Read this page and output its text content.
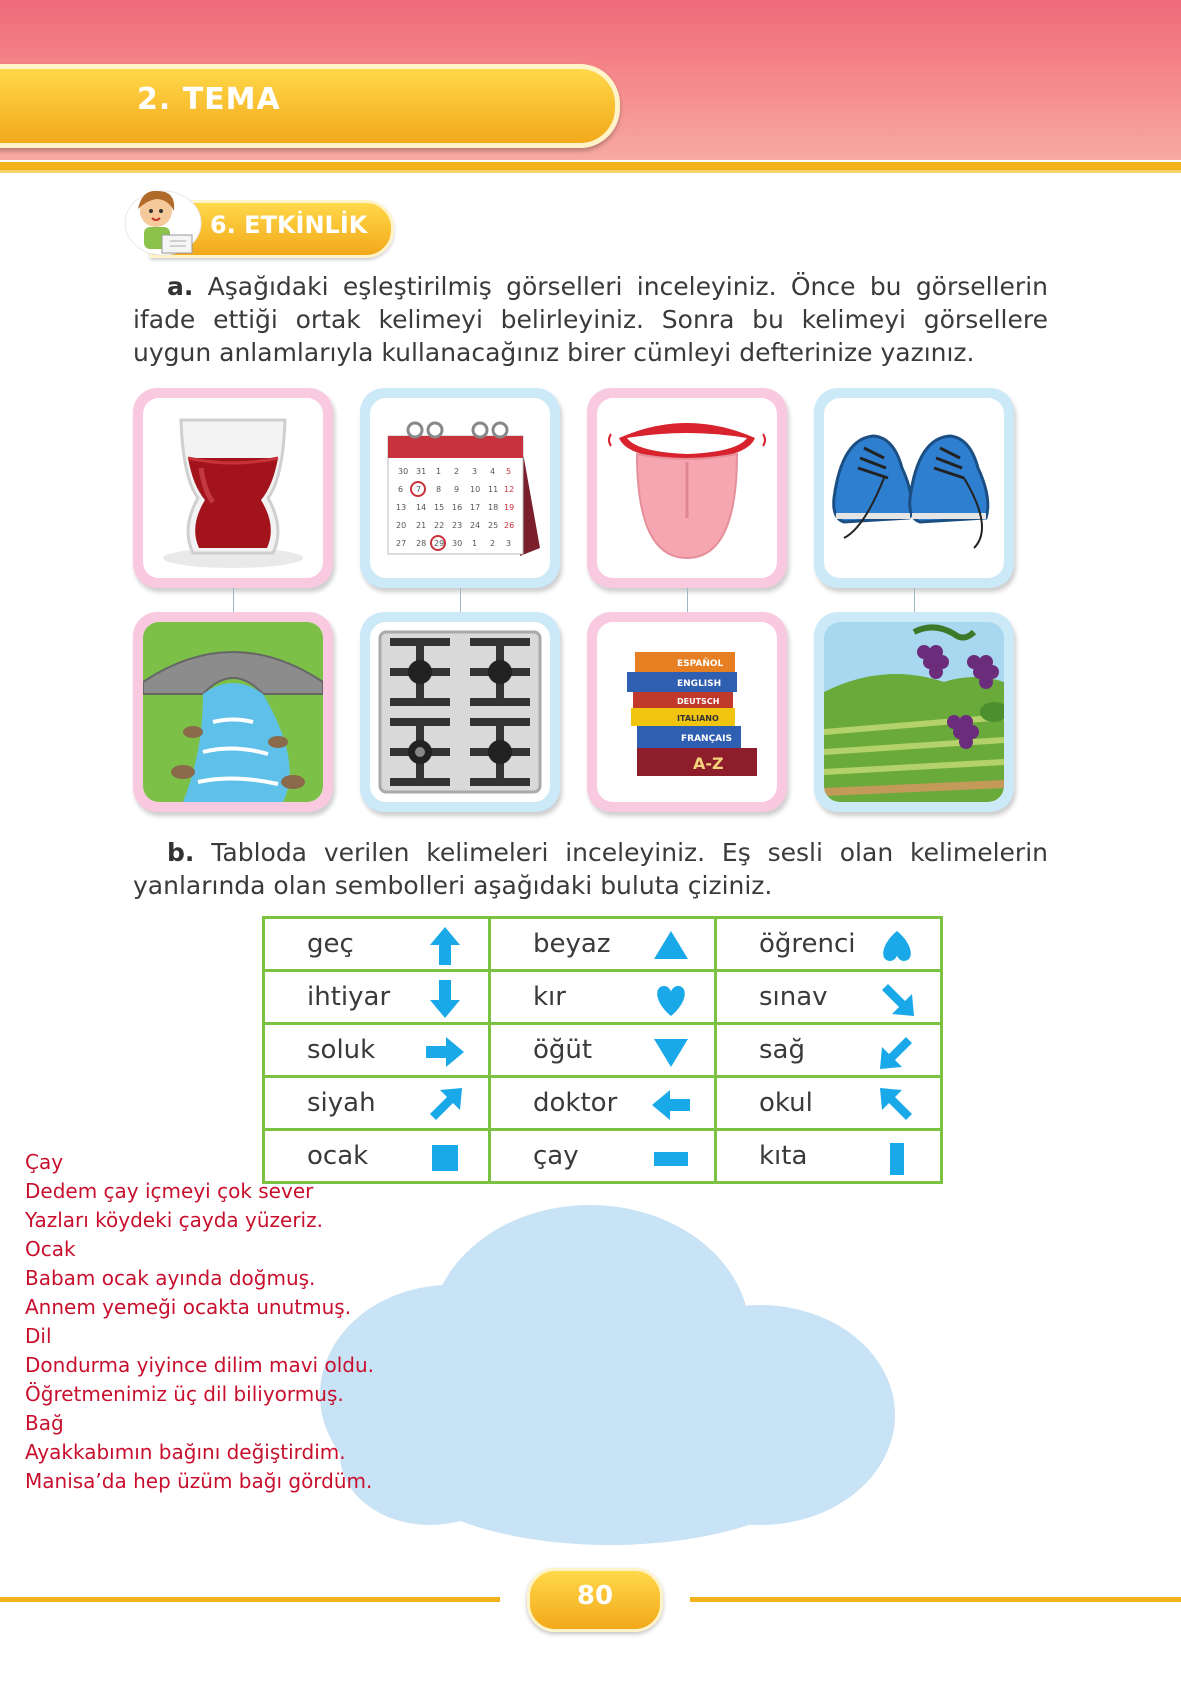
2. TEMA
6. ETKİNLİK
a. Aşağıdaki eşleştirilmiş görselleri inceleyiniz. Önce bu görsellerin ifade ettiği ortak kelimeyi belirleyiniz. Sonra bu kelimeyi görsellere uygun anlamlarıyla kullanacağınız birer cümleyi defterinize yazınız.
30 31 1 2 3 4 5
6 7 8 9 10 11 12
13 14 15 16 17 18 19
20 21 22 23 24 25 26
27 28 29 30 1 2 3
ESPAÑOL
ENGLISH
DEUTSCH
ITALIANO
FRANÇAIS
A-Z
b. Tabloda verilen kelimeleri inceleyiniz. Eş sesli olan kelimelerin yanlarında olan sembolleri aşağıdaki buluta çiziniz.
geç	beyaz	öğrenci

ihtiyar	kır	sınav

soluk	öğüt	sağ

siyah	doktor	okul

ocak	çay	kıta
Çay
Dedem çay içmeyi çok sever
Yazları köydeki çayda yüzeriz.
Ocak
Babam ocak ayında doğmuş.
Annem yemeği ocakta unutmuş.
Dil
Dondurma yiyince dilim mavi oldu.
Öğretmenimiz üç dil biliyormuş.
Bağ
Ayakkabımın bağını değiştirdim.
Manisa’da hep üzüm bağı gördüm.
80
